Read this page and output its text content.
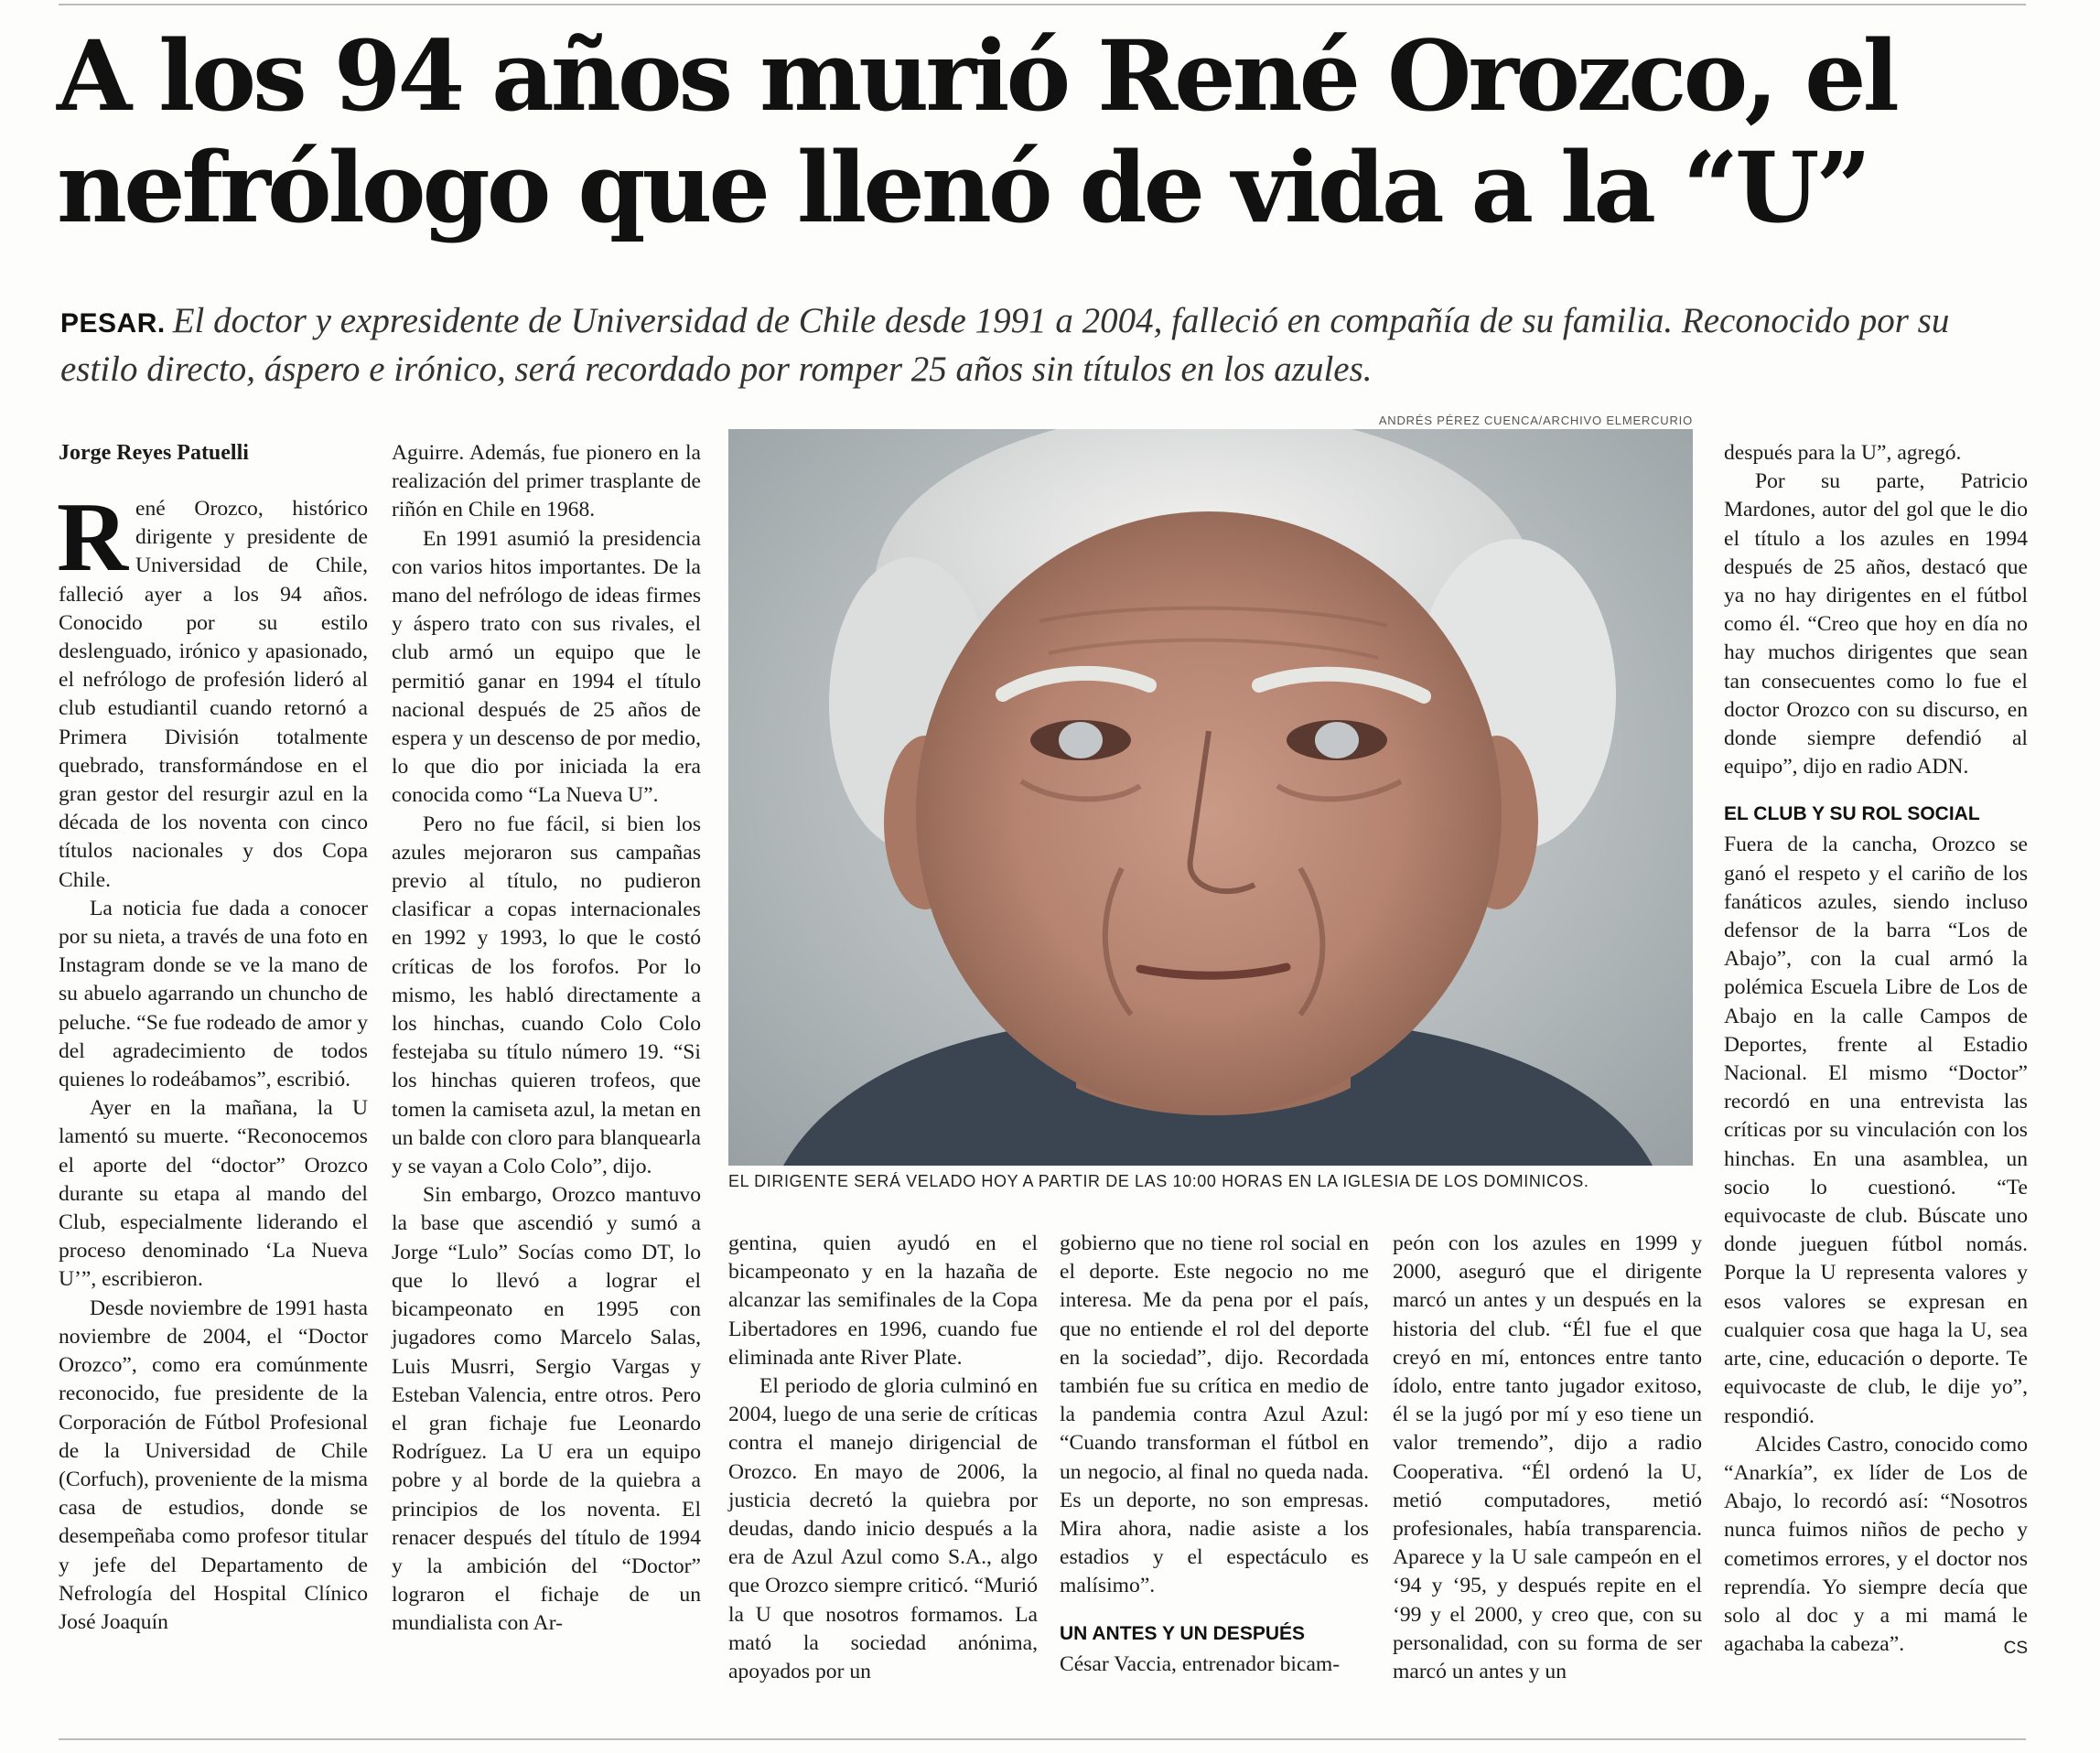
A los 94 años murió René Orozco, el nefrólogo que llenó de vida a la “U”

PESAR. El doctor y expresidente de Universidad de Chile desde 1991 a 2004, falleció en compañía de su familia. Reconocido por su estilo directo, áspero e irónico, será recordado por romper 25 años sin títulos en los azules.

Jorge Reyes Patuelli

René Orozco, histórico dirigente y presidente de Universidad de Chile, falleció ayer a los 94 años. Conocido por su estilo deslenguado, irónico y apasionado, el nefrólogo de profesión lideró al club estudiantil cuando retornó a Primera División totalmente quebrado, transformándose en el gran gestor del resurgir azul en la década de los noventa con cinco títulos nacionales y dos Copa Chile.

La noticia fue dada a conocer por su nieta, a través de una foto en Instagram donde se ve la mano de su abuelo agarrando un chuncho de peluche. “Se fue rodeado de amor y del agradecimiento de todos quienes lo rodeábamos”, escribió.

Ayer en la mañana, la U lamentó su muerte. “Reconocemos el aporte del “doctor” Orozco durante su etapa al mando del Club, especialmente liderando el proceso denominado ‘La Nueva U’”, escribieron.

Desde noviembre de 1991 hasta noviembre de 2004, el “Doctor Orozco”, como era comúnmente reconocido, fue presidente de la Corporación de Fútbol Profesional de la Universidad de Chile (Corfuch), proveniente de la misma casa de estudios, donde se desempeñaba como profesor titular y jefe del Departamento de Nefrología del Hospital Clínico José Joaquín

Aguirre. Además, fue pionero en la realización del primer trasplante de riñón en Chile en 1968.

En 1991 asumió la presidencia con varios hitos importantes. De la mano del nefrólogo de ideas firmes y áspero trato con sus rivales, el club armó un equipo que le permitió ganar en 1994 el título nacional después de 25 años de espera y un descenso de por medio, lo que dio por iniciada la era conocida como “La Nueva U”.

Pero no fue fácil, si bien los azules mejoraron sus campañas previo al título, no pudieron clasificar a copas internacionales en 1992 y 1993, lo que le costó críticas de los forofos. Por lo mismo, les habló directamente a los hinchas, cuando Colo Colo festejaba su título número 19. “Si los hinchas quieren trofeos, que tomen la camiseta azul, la metan en un balde con cloro para blanquearla y se vayan a Colo Colo”, dijo.

Sin embargo, Orozco mantuvo la base que ascendió y sumó a Jorge “Lulo” Socías como DT, lo que lo llevó a lograr el bicampeonato en 1995 con jugadores como Marcelo Salas, Luis Musrri, Sergio Vargas y Esteban Valencia, entre otros. Pero el gran fichaje fue Leonardo Rodríguez. La U era un equipo pobre y al borde de la quiebra a principios de los noventa. El renacer después del título de 1994 y la ambición del “Doctor” lograron el fichaje de un mundialista con Ar-

ANDRÉS PÉREZ CUENCA/ARCHIVO ELMERCURIO
EL DIRIGENTE SERÁ VELADO HOY A PARTIR DE LAS 10:00 HORAS EN LA IGLESIA DE LOS DOMINICOS.

gentina, quien ayudó en el bicampeonato y en la hazaña de alcanzar las semifinales de la Copa Libertadores en 1996, cuando fue eliminada ante River Plate.

El periodo de gloria culminó en 2004, luego de una serie de críticas contra el manejo dirigencial de Orozco. En mayo de 2006, la justicia decretó la quiebra por deudas, dando inicio después a la era de Azul Azul como S.A., algo que Orozco siempre criticó. “Murió la U que nosotros formamos. La mató la sociedad anónima, apoyados por un

gobierno que no tiene rol social en el deporte. Este negocio no me interesa. Me da pena por el país, que no entiende el rol del deporte en la sociedad”, dijo. Recordada también fue su crítica en medio de la pandemia contra Azul Azul: “Cuando transforman el fútbol en un negocio, al final no queda nada. Es un deporte, no son empresas. Mira ahora, nadie asiste a los estadios y el espectáculo es malísimo”.

UN ANTES Y UN DESPUÉS

César Vaccia, entrenador bicam-

peón con los azules en 1999 y 2000, aseguró que el dirigente marcó un antes y un después en la historia del club. “Él fue el que creyó en mí, entonces entre tanto ídolo, entre tanto jugador exitoso, él se la jugó por mí y eso tiene un valor tremendo”, dijo a radio Cooperativa. “Él ordenó la U, metió computadores, metió profesionales, había transparencia. Aparece y la U sale campeón en el ‘94 y ‘95, y después repite en el ‘99 y el 2000, y creo que, con su personalidad, con su forma de ser marcó un antes y un

después para la U”, agregó.

Por su parte, Patricio Mardones, autor del gol que le dio el título a los azules en 1994 después de 25 años, destacó que ya no hay dirigentes en el fútbol como él. “Creo que hoy en día no hay muchos dirigentes que sean tan consecuentes como lo fue el doctor Orozco con su discurso, en donde siempre defendió al equipo”, dijo en radio ADN.

EL CLUB Y SU ROL SOCIAL

Fuera de la cancha, Orozco se ganó el respeto y el cariño de los fanáticos azules, siendo incluso defensor de la barra “Los de Abajo”, con la cual armó la polémica Escuela Libre de Los de Abajo en la calle Campos de Deportes, frente al Estadio Nacional. El mismo “Doctor” recordó en una entrevista las críticas por su vinculación con los hinchas. En una asamblea, un socio lo cuestionó. “Te equivocaste de club. Búscate uno donde jueguen fútbol nomás. Porque la U representa valores y esos valores se expresan en cualquier cosa que haga la U, sea arte, cine, educación o deporte. Te equivocaste de club, le dije yo”, respondió.

Alcides Castro, conocido como “Anarkía”, ex líder de Los de Abajo, lo recordó así: “Nosotros nunca fuimos niños de pecho y cometimos errores, y el doctor nos reprendía. Yo siempre decía que solo al doc y a mi mamá le agachaba la cabeza”.	CS
